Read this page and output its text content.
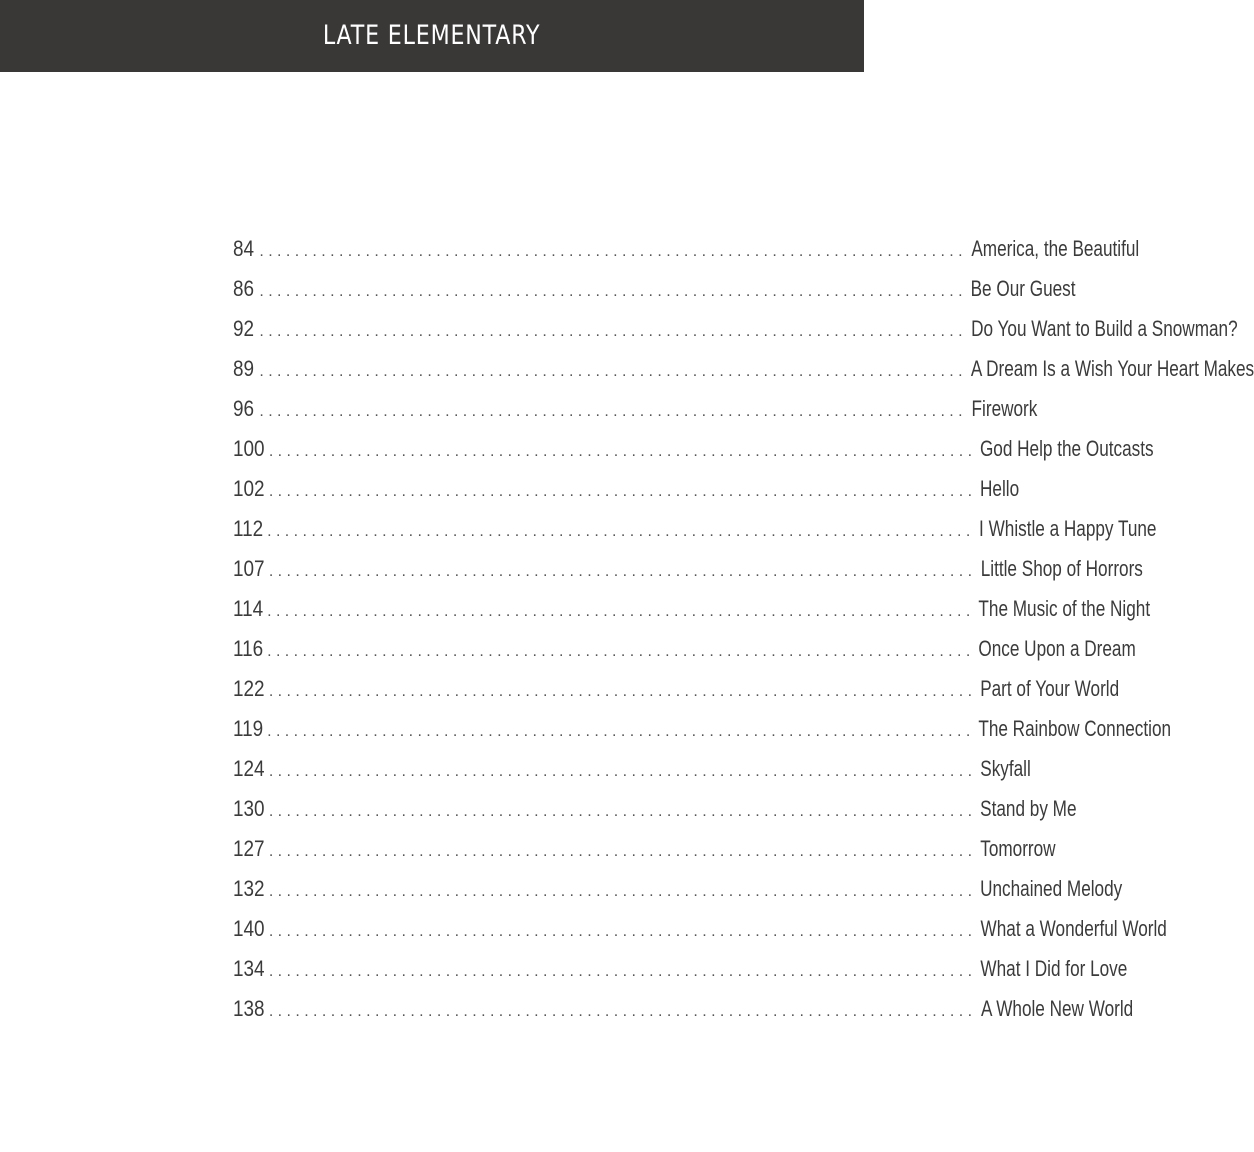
LATE ELEMENTARY
84 ................................................................................ America, the Beautiful
86 ................................................................................ Be Our Guest
92 ................................................................................ Do You Want to Build a Snowman?
89 ................................................................................ A Dream Is a Wish Your Heart Makes
96 ................................................................................ Firework
100 ................................................................................ God Help the Outcasts
102 ................................................................................ Hello
112 ................................................................................ I Whistle a Happy Tune
107 ................................................................................ Little Shop of Horrors
114 ................................................................................ The Music of the Night
116 ................................................................................ Once Upon a Dream
122 ................................................................................ Part of Your World
119 ................................................................................ The Rainbow Connection
124 ................................................................................ Skyfall
130 ................................................................................ Stand by Me
127 ................................................................................ Tomorrow
132 ................................................................................ Unchained Melody
140 ................................................................................ What a Wonderful World
134 ................................................................................ What I Did for Love
138 ................................................................................ A Whole New World
